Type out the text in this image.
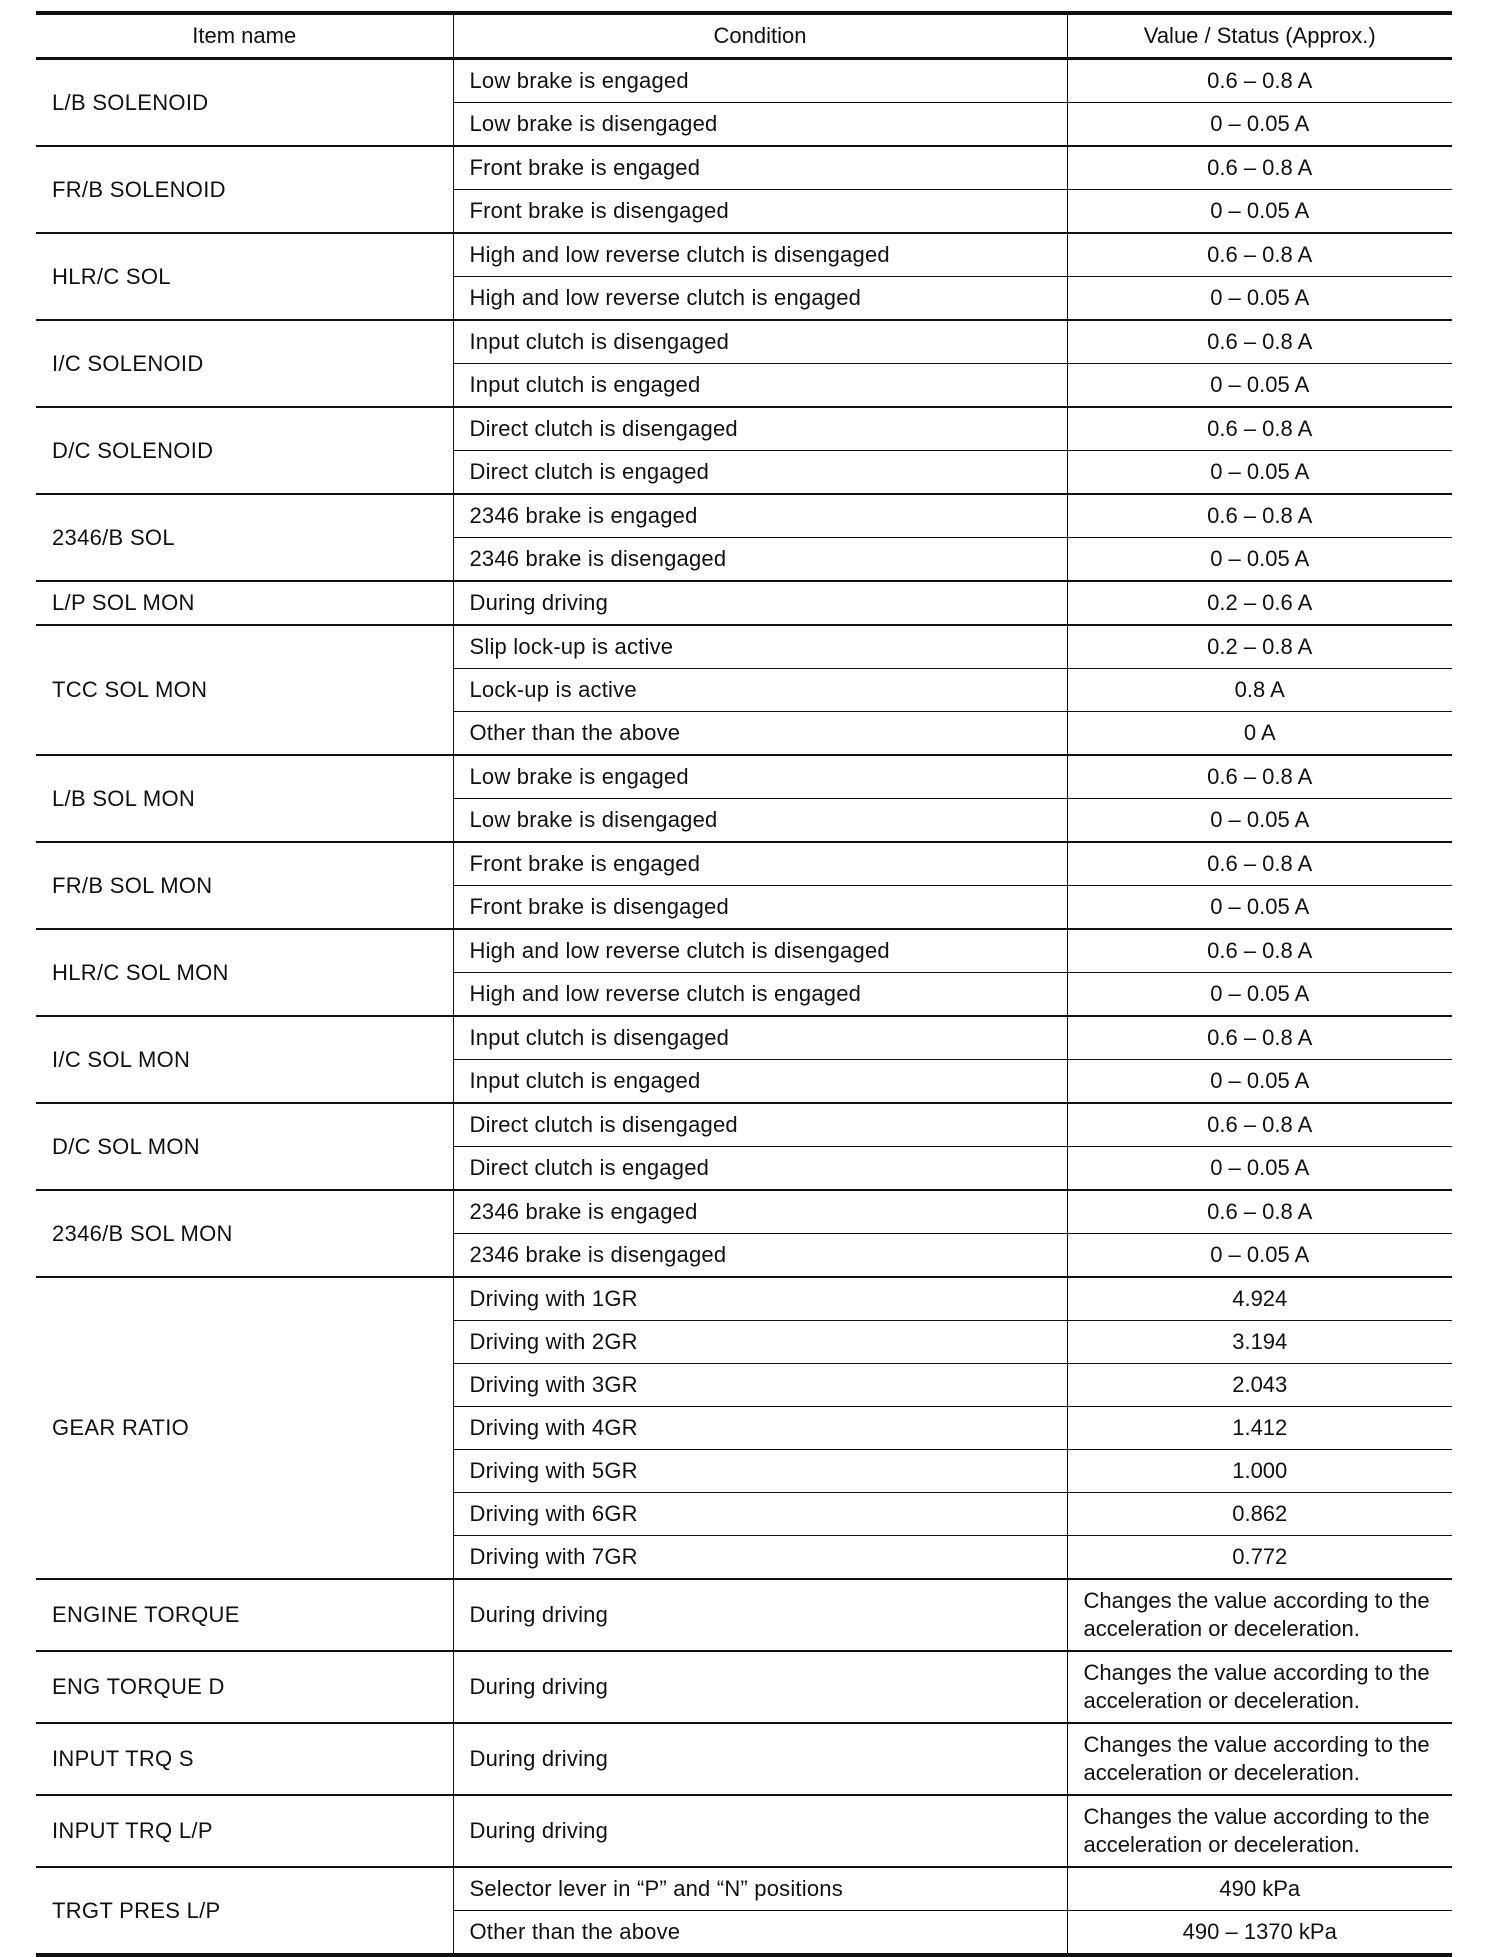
Item name	Condition	Value / Status (Approx.)
L/B SOLENOID	Low brake is engaged	0.6 – 0.8 A
	Low brake is disengaged	0 – 0.05 A
FR/B SOLENOID	Front brake is engaged	0.6 – 0.8 A
	Front brake is disengaged	0 – 0.05 A
HLR/C SOL	High and low reverse clutch is disengaged	0.6 – 0.8 A
	High and low reverse clutch is engaged	0 – 0.05 A
I/C SOLENOID	Input clutch is disengaged	0.6 – 0.8 A
	Input clutch is engaged	0 – 0.05 A
D/C SOLENOID	Direct clutch is disengaged	0.6 – 0.8 A
	Direct clutch is engaged	0 – 0.05 A
2346/B SOL	2346 brake is engaged	0.6 – 0.8 A
	2346 brake is disengaged	0 – 0.05 A
L/P SOL MON	During driving	0.2 – 0.6 A
TCC SOL MON	Slip lock-up is active	0.2 – 0.8 A
	Lock-up is active	0.8 A
	Other than the above	0 A
L/B SOL MON	Low brake is engaged	0.6 – 0.8 A
	Low brake is disengaged	0 – 0.05 A
FR/B SOL MON	Front brake is engaged	0.6 – 0.8 A
	Front brake is disengaged	0 – 0.05 A
HLR/C SOL MON	High and low reverse clutch is disengaged	0.6 – 0.8 A
	High and low reverse clutch is engaged	0 – 0.05 A
I/C SOL MON	Input clutch is disengaged	0.6 – 0.8 A
	Input clutch is engaged	0 – 0.05 A
D/C SOL MON	Direct clutch is disengaged	0.6 – 0.8 A
	Direct clutch is engaged	0 – 0.05 A
2346/B SOL MON	2346 brake is engaged	0.6 – 0.8 A
	2346 brake is disengaged	0 – 0.05 A
GEAR RATIO	Driving with 1GR	4.924
	Driving with 2GR	3.194
	Driving with 3GR	2.043
	Driving with 4GR	1.412
	Driving with 5GR	1.000
	Driving with 6GR	0.862
	Driving with 7GR	0.772
ENGINE TORQUE	During driving	Changes the value according to the acceleration or deceleration.
ENG TORQUE D	During driving	Changes the value according to the acceleration or deceleration.
INPUT TRQ S	During driving	Changes the value according to the acceleration or deceleration.
INPUT TRQ L/P	During driving	Changes the value according to the acceleration or deceleration.
TRGT PRES L/P	Selector lever in “P” and “N” positions	490 kPa
	Other than the above	490 – 1370 kPa
